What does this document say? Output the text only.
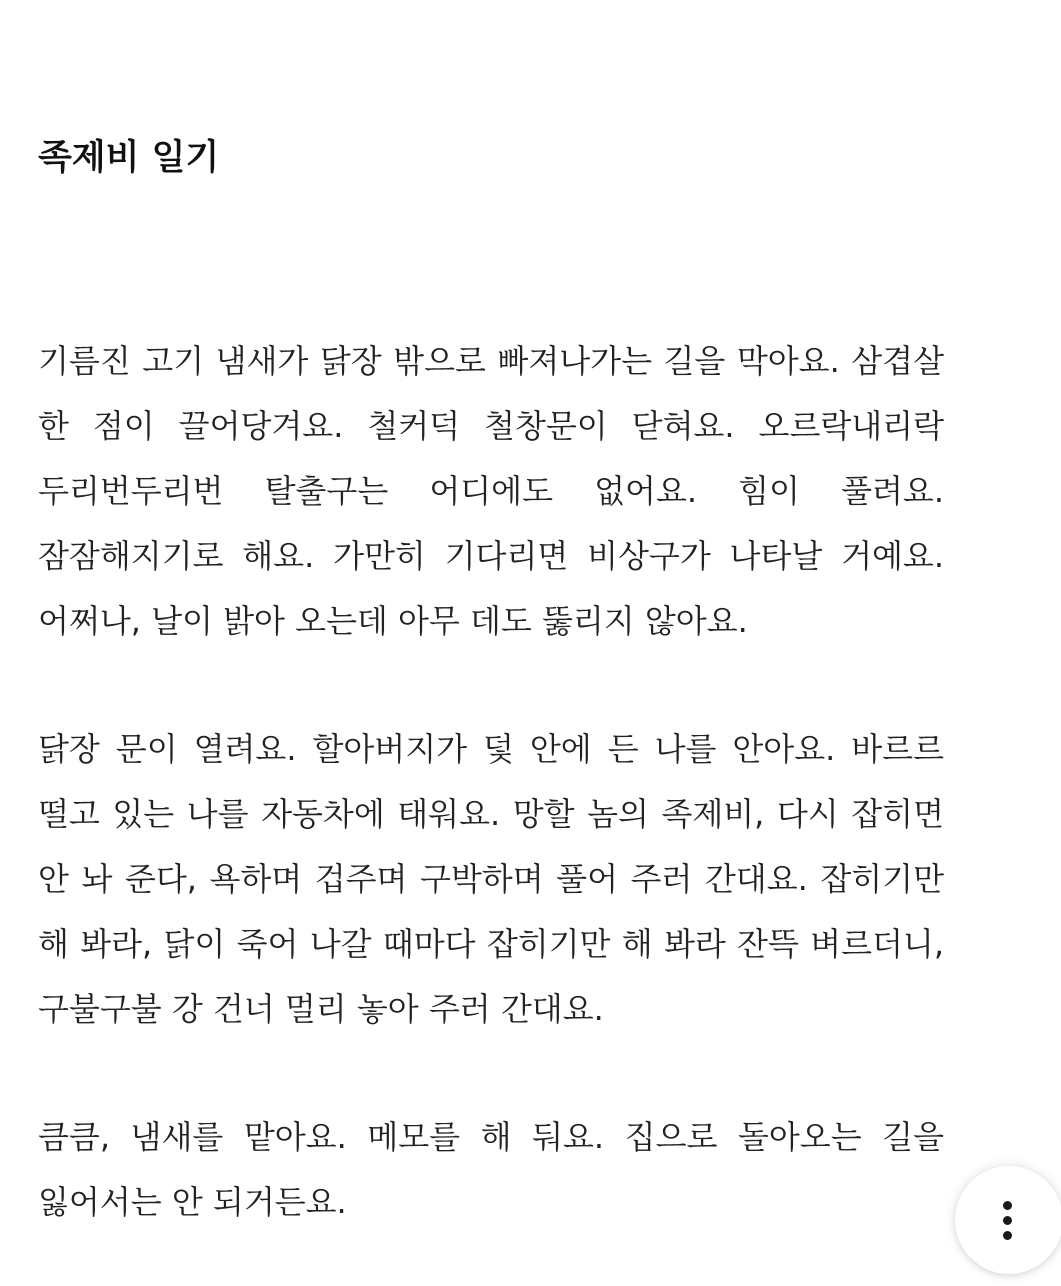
족제비 일기

기름진 고기 냄새가 닭장 밖으로 빠져나가는 길을 막아요. 삼겹살 한 점이 끌어당겨요. 철커덕 철창문이 닫혀요. 오르락내리락 두리번두리번 탈출구는 어디에도 없어요. 힘이 풀려요. 잠잠해지기로 해요. 가만히 기다리면 비상구가 나타날 거예요. 어쩌나, 날이 밝아 오는데 아무 데도 뚫리지 않아요.

닭장 문이 열려요. 할아버지가 덫 안에 든 나를 안아요. 바르르 떨고 있는 나를 자동차에 태워요. 망할 놈의 족제비, 다시 잡히면 안 놔 준다, 욕하며 겁주며 구박하며 풀어 주러 간대요. 잡히기만 해 봐라, 닭이 죽어 나갈 때마다 잡히기만 해 봐라 잔뜩 벼르더니, 구불구불 강 건너 멀리 놓아 주러 간대요.

큼큼, 냄새를 맡아요. 메모를 해 둬요. 집으로 돌아오는 길을 잃어서는 안 되거든요.
